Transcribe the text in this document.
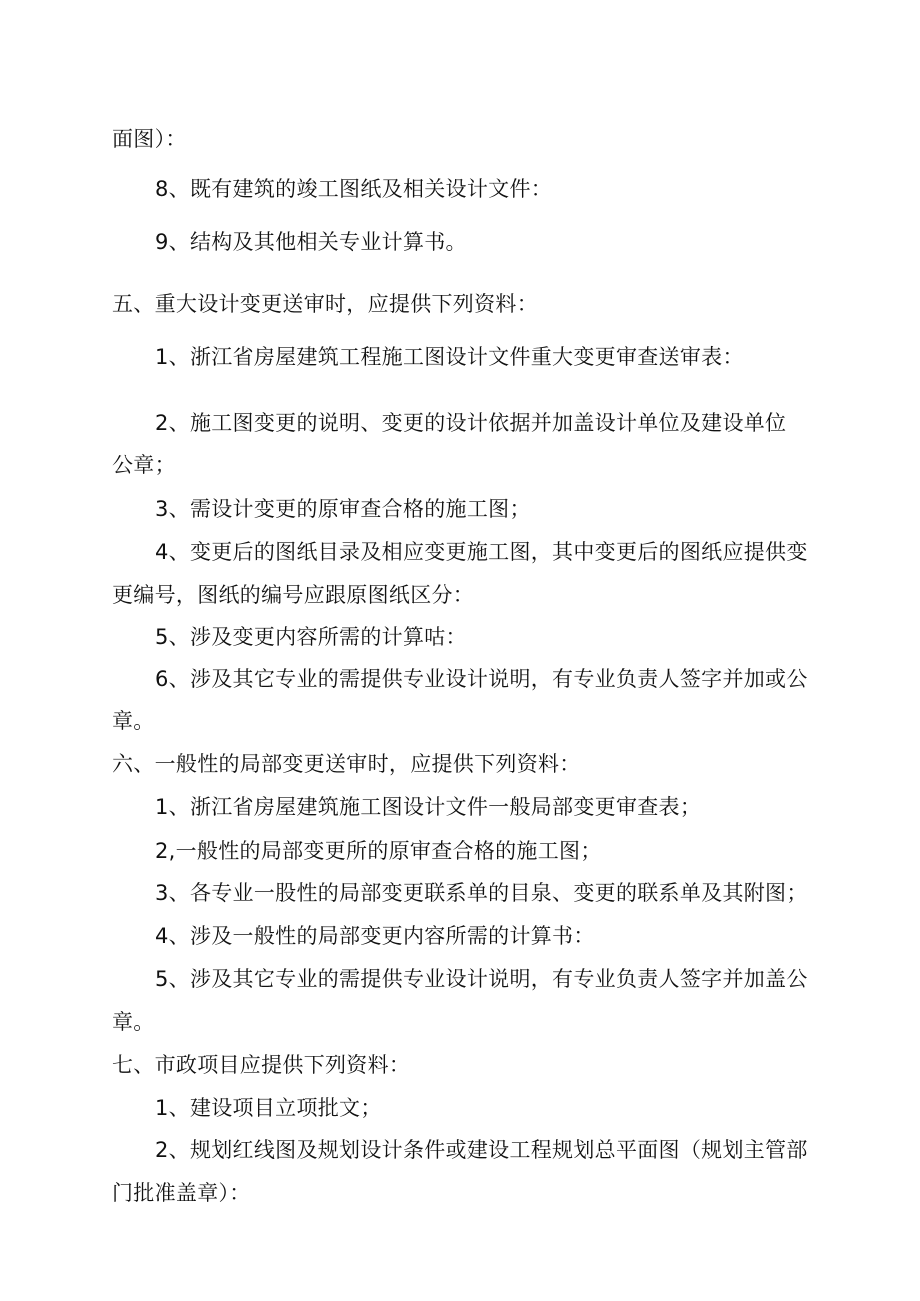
面图）：
8、既有建筑的竣工图纸及相关设计文件：
9、结构及其他相关专业计算书。
五、重大设计变更送审时，应提供下列资料：
1、浙江省房屋建筑工程施工图设计文件重大变更审查送审表：
2、施工图变更的说明、变更的设计依据并加盖设计单位及建设单位
公章；
3、需设计变更的原审查合格的施工图；
4、变更后的图纸目录及相应变更施工图，其中变更后的图纸应提供变
更编号，图纸的编号应跟原图纸区分：
5、涉及变更内容所需的计算咕：
6、涉及其它专业的需提供专业设计说明，有专业负责人签字并加或公
章。
六、一般性的局部变更送审时，应提供下列资料：
1、浙江省房屋建筑施工图设计文件一般局部变更审查表；
2,一般性的局部变更所的原审查合格的施工图；
3、各专业一股性的局部变更联系单的目泉、变更的联系单及其附图；
4、涉及一般性的局部变更内容所需的计算书：
5、涉及其它专业的需提供专业设计说明，有专业负责人签字并加盖公
章。
七、市政项目应提供下列资料：
1、建设项目立项批文；
2、规划红线图及规划设计条件或建设工程规划总平面图（规划主管部
门批准盖章）：
